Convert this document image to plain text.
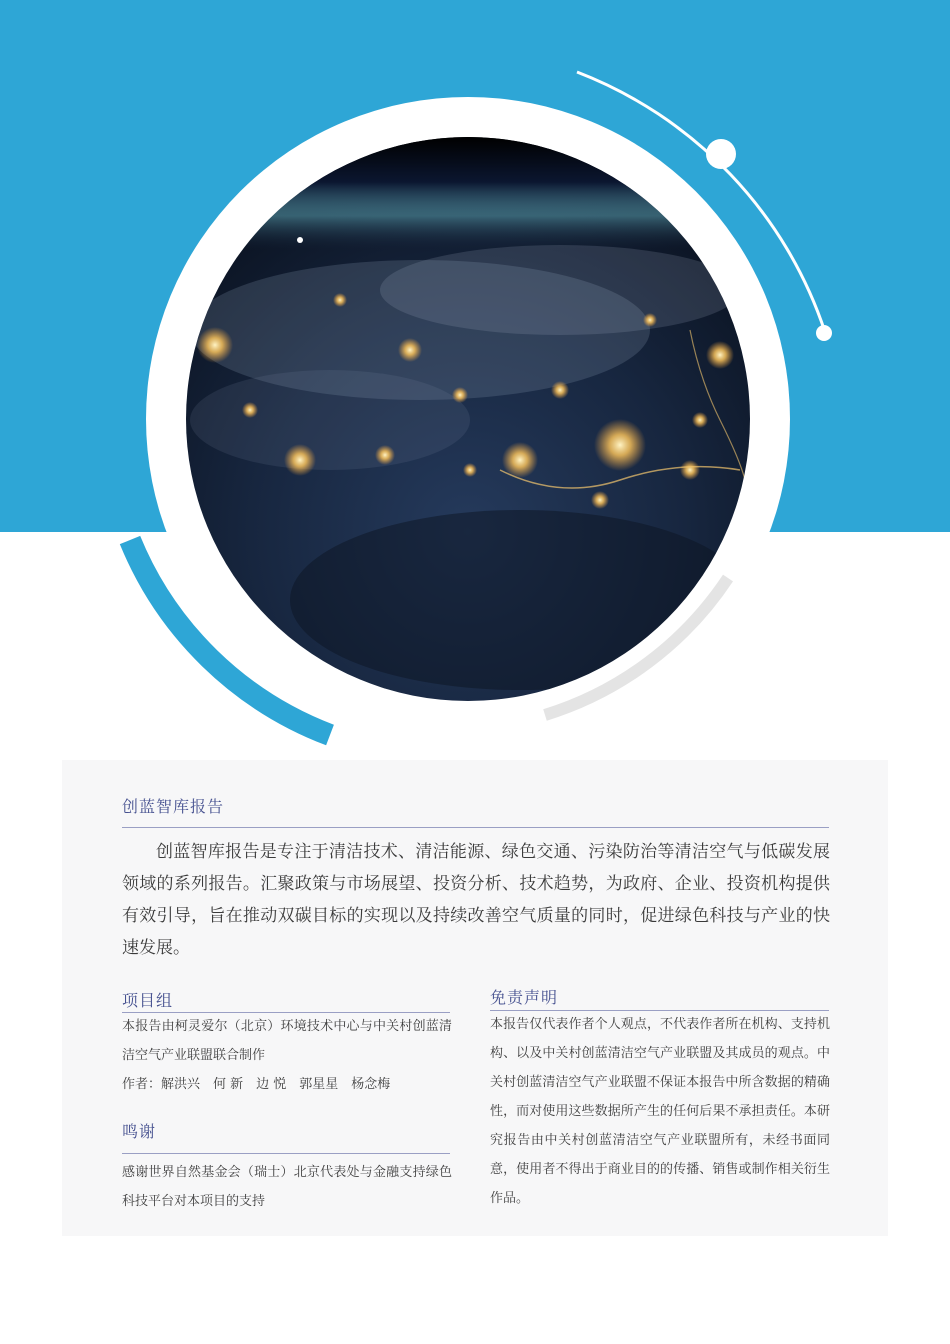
创蓝智库报告

创蓝智库报告是专注于清洁技术、清洁能源、绿色交通、污染防治等清洁空气与低碳发展领域的系列报告。汇聚政策与市场展望、投资分析、技术趋势，为政府、企业、投资机构提供有效引导，旨在推动双碳目标的实现以及持续改善空气质量的同时，促进绿色科技与产业的快速发展。

项目组

本报告由柯灵爱尔（北京）环境技术中心与中关村创蓝清洁空气产业联盟联合制作

作者：解洪兴　何 新　边 悦　郭星星　杨念梅

鸣谢

感谢世界自然基金会（瑞士）北京代表处与金融支持绿色科技平台对本项目的支持

免责声明

本报告仅代表作者个人观点，不代表作者所在机构、支持机构、以及中关村创蓝清洁空气产业联盟及其成员的观点。中关村创蓝清洁空气产业联盟不保证本报告中所含数据的精确性，而对使用这些数据所产生的任何后果不承担责任。本研究报告由中关村创蓝清洁空气产业联盟所有，未经书面同意，使用者不得出于商业目的的传播、销售或制作相关衍生作品。
